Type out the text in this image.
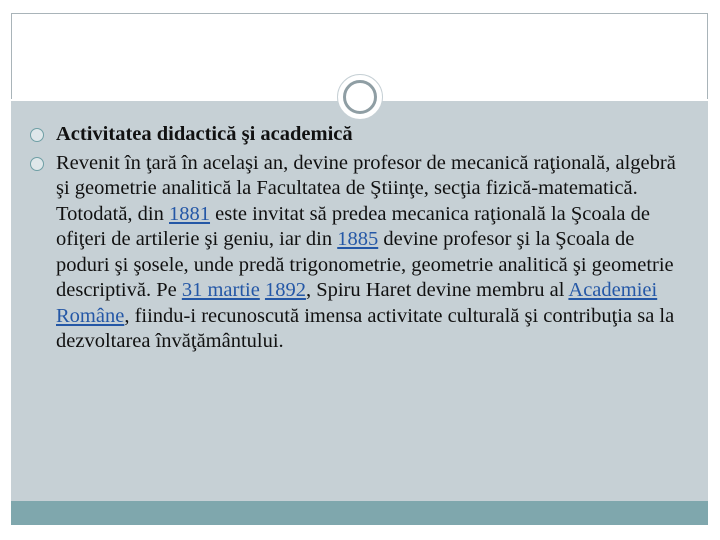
Activitatea didactică şi academică
Revenit în ţară în acelaşi an, devine profesor de mecanică raţională, algebră şi geometrie analitică la Facultatea de Ştiinţe, secţia fizică-matematică. Totodată, din 1881 este invitat să predea mecanica raţională la Şcoala de ofiţeri de artilerie şi geniu, iar din 1885 devine profesor şi la Şcoala de poduri şi şosele, unde predă trigonometrie, geometrie analitică şi geometrie descriptivă. Pe 31 martie 1892, Spiru Haret devine membru al Academiei Române, fiindu-i recunoscută imensa activitate culturală şi contribuţia sa la dezvoltarea învăţământului.
